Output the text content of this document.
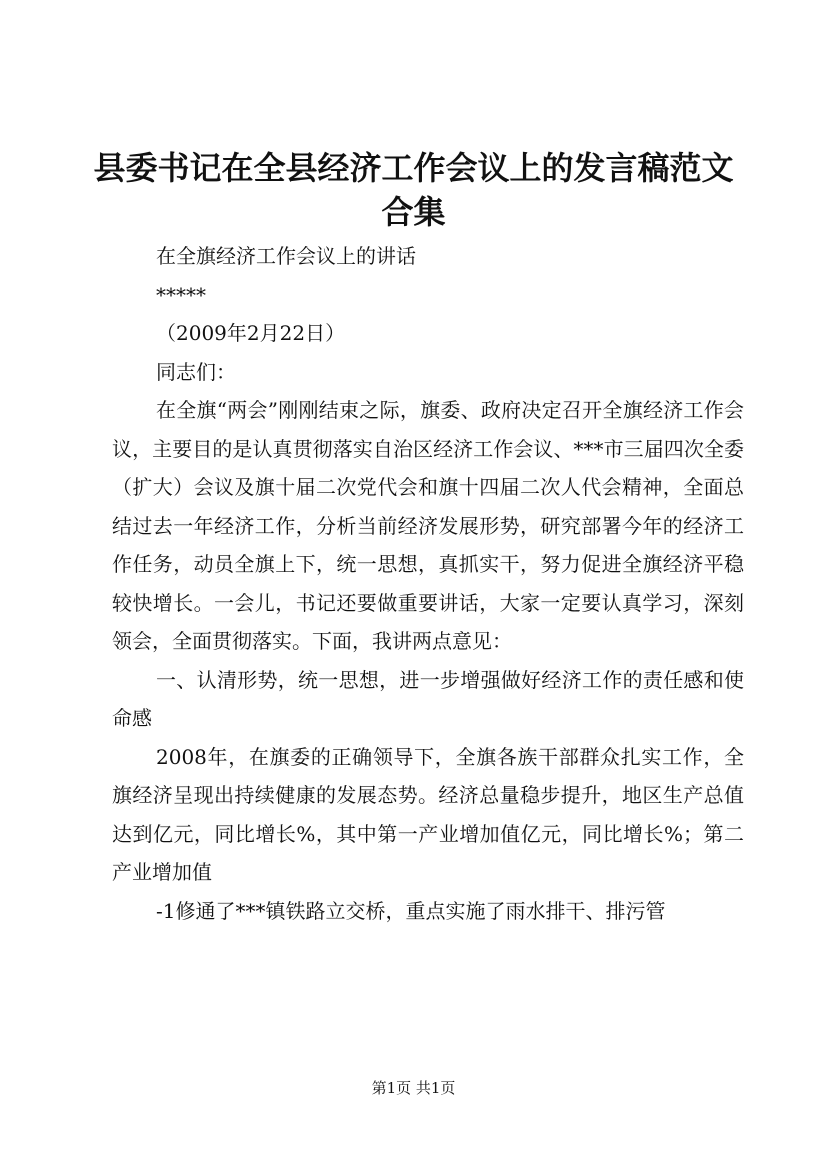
县委书记在全县经济工作会议上的发言稿范文合集

在全旗经济工作会议上的讲话

*****

（2009年2月22日）

同志们：

在全旗“两会”刚刚结束之际，旗委、政府决定召开全旗经济工作会议，主要目的是认真贯彻落实自治区经济工作会议、***市三届四次全委（扩大）会议及旗十届二次党代会和旗十四届二次人代会精神，全面总结过去一年经济工作，分析当前经济发展形势，研究部署今年的经济工作任务，动员全旗上下，统一思想，真抓实干，努力促进全旗经济平稳较快增长。一会儿，书记还要做重要讲话，大家一定要认真学习，深刻领会，全面贯彻落实。下面，我讲两点意见：

一、认清形势，统一思想，进一步增强做好经济工作的责任感和使命感

2008年，在旗委的正确领导下，全旗各族干部群众扎实工作，全旗经济呈现出持续健康的发展态势。经济总量稳步提升，地区生产总值达到亿元，同比增长%，其中第一产业增加值亿元，同比增长%；第二产业增加值

-1修通了***镇铁路立交桥，重点实施了雨水排干、排污管

第1页 共1页
